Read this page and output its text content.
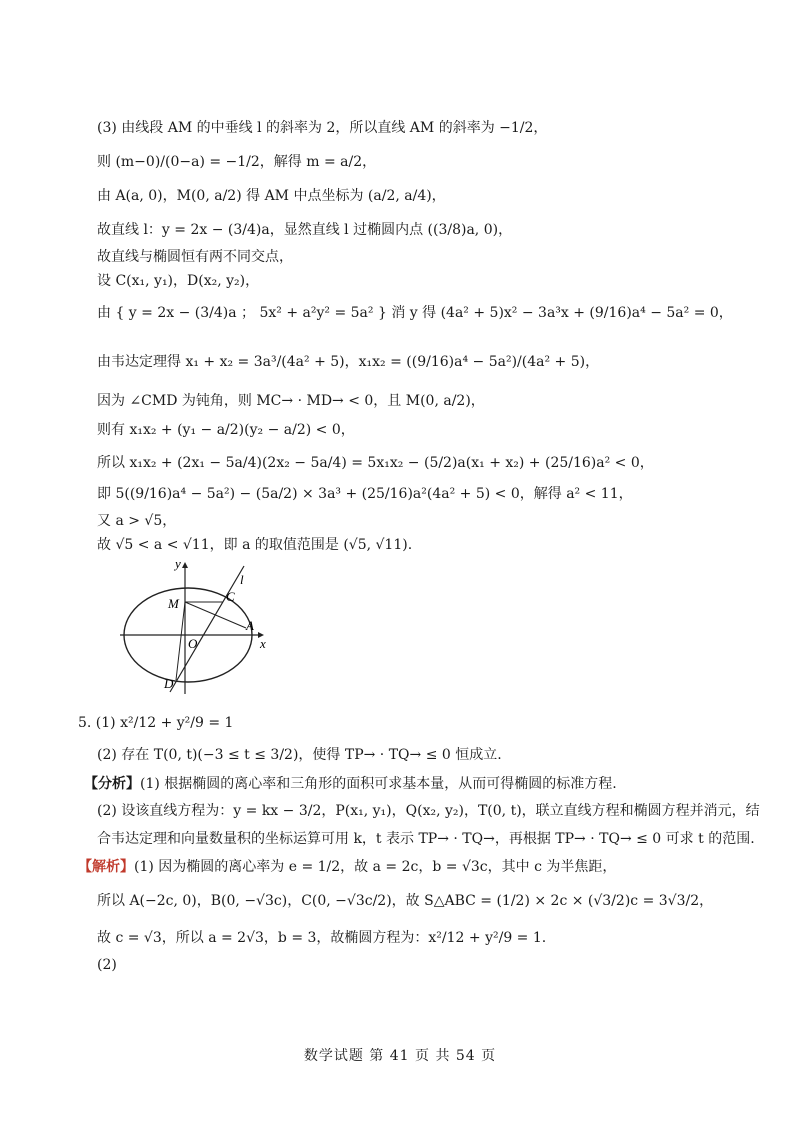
(3) 由线段 AM 的中垂线 l 的斜率为 2，所以直线 AM 的斜率为 −1/2，
则 (m−0)/(0−a) = −1/2，解得 m = a/2，
由 A(a, 0)，M(0, a/2) 得 AM 中点坐标为 (a/2, a/4)，
故直线 l：y = 2x − (3/4)a，显然直线 l 过椭圆内点 ((3/8)a, 0)，
故直线与椭圆恒有两不同交点，
设 C(x₁, y₁)，D(x₂, y₂)，
由 { y = 2x − (3/4)a ； 5x² + a²y² = 5a² } 消 y 得 (4a² + 5)x² − 3a³x + (9/16)a⁴ − 5a² = 0，
由韦达定理得 x₁ + x₂ = 3a³/(4a² + 5)，x₁x₂ = ((9/16)a⁴ − 5a²)/(4a² + 5)，
因为 ∠CMD 为钝角，则 MC→ · MD→ < 0，且 M(0, a/2)，
则有 x₁x₂ + (y₁ − a/2)(y₂ − a/2) < 0，
所以 x₁x₂ + (2x₁ − 5a/4)(2x₂ − 5a/4) = 5x₁x₂ − (5/2)a(x₁ + x₂) + (25/16)a² < 0，
即 5((9/16)a⁴ − 5a²) − (5a/2) × 3a³ + (25/16)a²(4a² + 5) < 0，解得 a² < 11，
又 a > √5，
故 √5 < a < √11，即 a 的取值范围是 (√5, √11).
y
l
M	C
A
O	x
D
5. (1) x²/12 + y²/9 = 1
(2) 存在 T(0, t)(−3 ≤ t ≤ 3/2)，使得 TP→ · TQ→ ≤ 0 恒成立.
【分析】(1) 根据椭圆的离心率和三角形的面积可求基本量，从而可得椭圆的标准方程.
(2) 设该直线方程为：y = kx − 3/2，P(x₁, y₁)，Q(x₂, y₂)，T(0, t)，联立直线方程和椭圆方程并消元，结
合韦达定理和向量数量积的坐标运算可用 k，t 表示 TP→ · TQ→，再根据 TP→ · TQ→ ≤ 0 可求 t 的范围.
【解析】(1) 因为椭圆的离心率为 e = 1/2，故 a = 2c，b = √3c，其中 c 为半焦距，
所以 A(−2c, 0)，B(0, −√3c)，C(0, −√3c/2)，故 S△ABC = (1/2) × 2c × (√3/2)c = 3√3/2，
故 c = √3，所以 a = 2√3，b = 3，故椭圆方程为：x²/12 + y²/9 = 1.
(2)
数学试题 第 41 页 共 54 页
